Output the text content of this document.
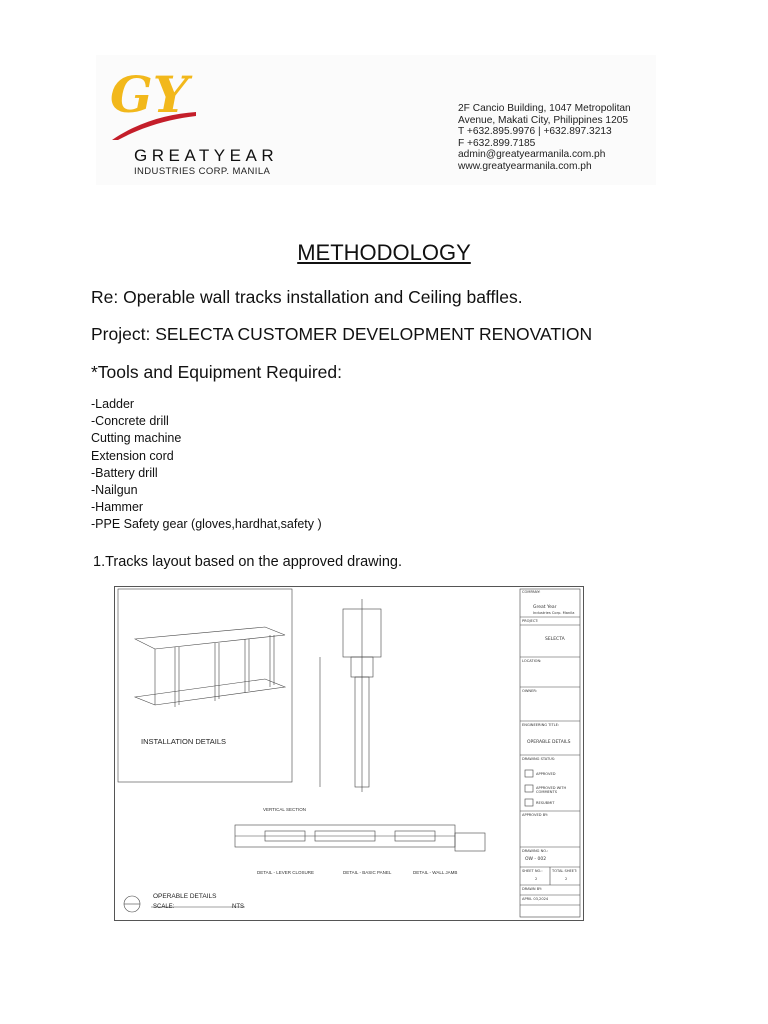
GY
GREATYEAR
INDUSTRIES CORP. MANILA
2F Cancio Building, 1047 Metropolitan
Avenue, Makati City, Philippines 1205
T +632.895.9976 | +632.897.3213
F +632.899.7185
admin@greatyearmanila.com.ph
www.greatyearmanila.com.ph
METHODOLOGY
Re: Operable wall tracks installation and Ceiling baffles.
Project: SELECTA CUSTOMER DEVELOPMENT RENOVATION
*Tools and Equipment Required:
-Ladder
-Concrete drill
Cutting machine
Extension cord
-Battery drill
-Nailgun
-Hammer
-PPE Safety gear (gloves,hardhat,safety )
1.Tracks layout based on the approved drawing.
INSTALLATION DETAILS
VERTICAL SECTION
DETAIL - LEVER CLOSURE	DETAIL - BASIC PANEL	DETAIL - WALL JAMB
OPERABLE DETAILS
SCALE:	NTS
COMPANY:
Great Year
Industries Corp. Manila
PROJECT:
SELECTA
LOCATION:
OWNER:
ENGINEERING TITLE:
OPERABLE DETAILS
DRAWING STATUS:
APPROVED
APPROVED WITH COMMENTS
RESUBMIT
APPROVED BY:
DRAWING NO.:
OW - 002
SHEET NO.:
2
TOTAL SHEET:
2
DRAWN BY:
APRIL 03,2024
